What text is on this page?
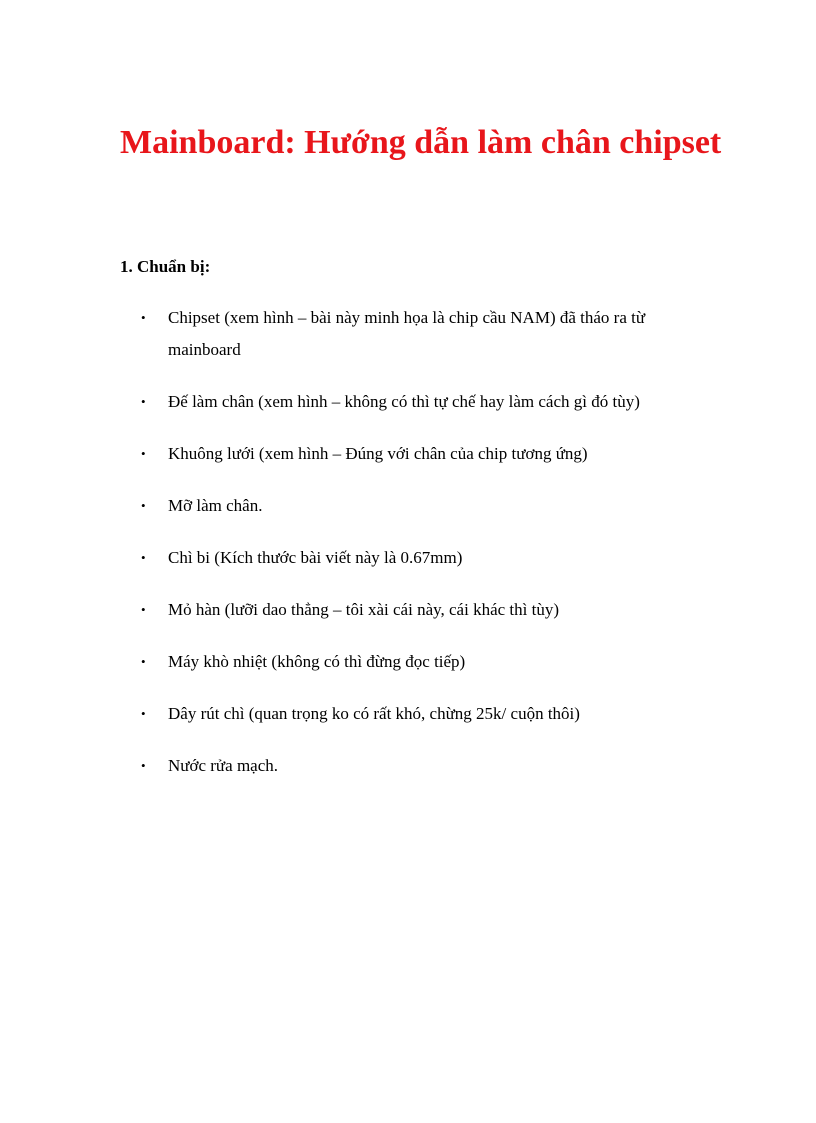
Mainboard: Hướng dẫn làm chân chipset
1. Chuẩn bị:
•	Chipset (xem hình – bài này minh họa là chip cầu NAM) đã tháo ra từ mainboard
•	Đế làm chân (xem hình – không có thì tự chế hay làm cách gì đó tùy)
•	Khuông lưới (xem hình – Đúng với chân của chip tương ứng)
•	Mỡ làm chân.
•	Chì bi (Kích thước bài viết này là 0.67mm)
•	Mỏ hàn (lưỡi dao thẳng – tôi xài cái này, cái khác thì tùy)
•	Máy khò nhiệt (không có thì đừng đọc tiếp)
•	Dây rút chì (quan trọng ko có rất khó, chừng 25k/ cuộn thôi)
•	Nước rửa mạch.
